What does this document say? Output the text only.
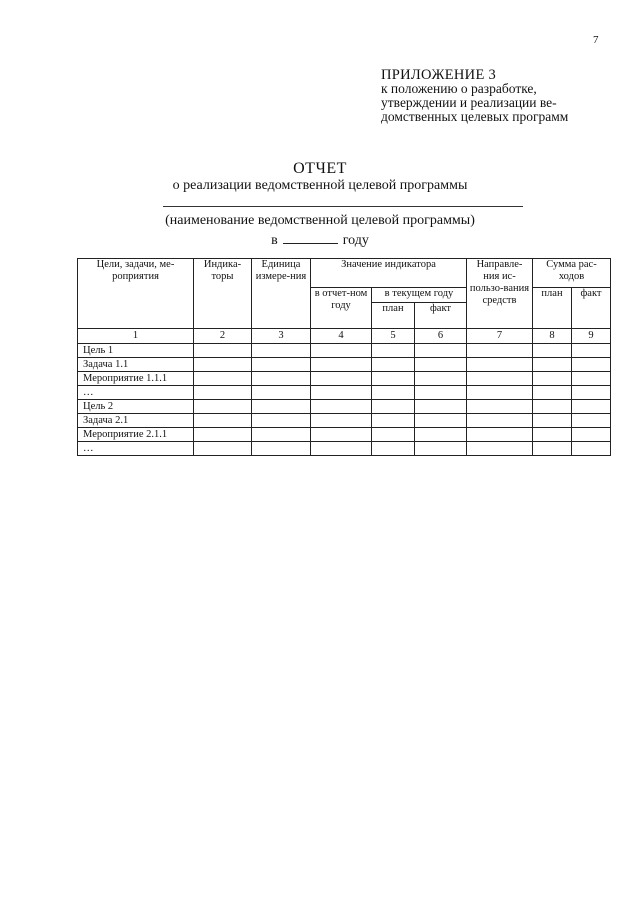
7
ПРИЛОЖЕНИЕ 3
к положению о разработке,
утверждении и реализации ве-
домственных целевых программ
ОТЧЕТ
о реализации ведомственной целевой программы
(наименование ведомственной целевой программы)
в	году
Цели, задачи, ме-роприятия	Индика-торы	Единица измере-ния	Значение индикатора			Направле-ния ис-пользо-вания средств	Сумма рас-ходов	
			в отчет-ном году	в текущем году			план	факт
				план	факт			
1	2	3	4	5	6	7	8	9
Цель 1								
Задача 1.1								
Мероприятие 1.1.1								
…								
Цель 2								
Задача 2.1								
Мероприятие 2.1.1								
…								
